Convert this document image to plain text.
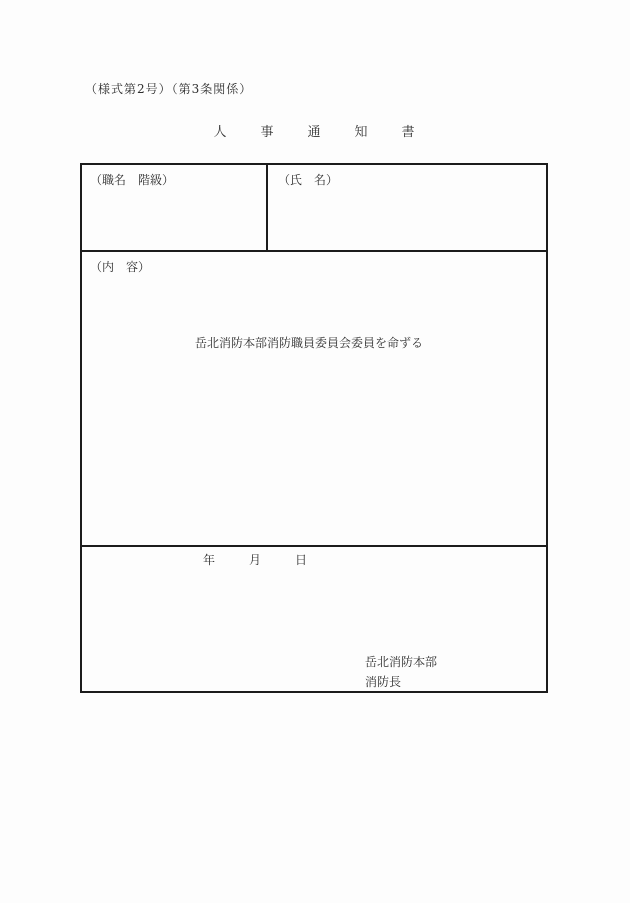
（様式第2号）（第3条関係）
人事通知書
（職名　階級）	（氏　名）
（内　容）
岳北消防本部消防職員委員会委員を命ずる
年　月　日
岳北消防本部
消防長
